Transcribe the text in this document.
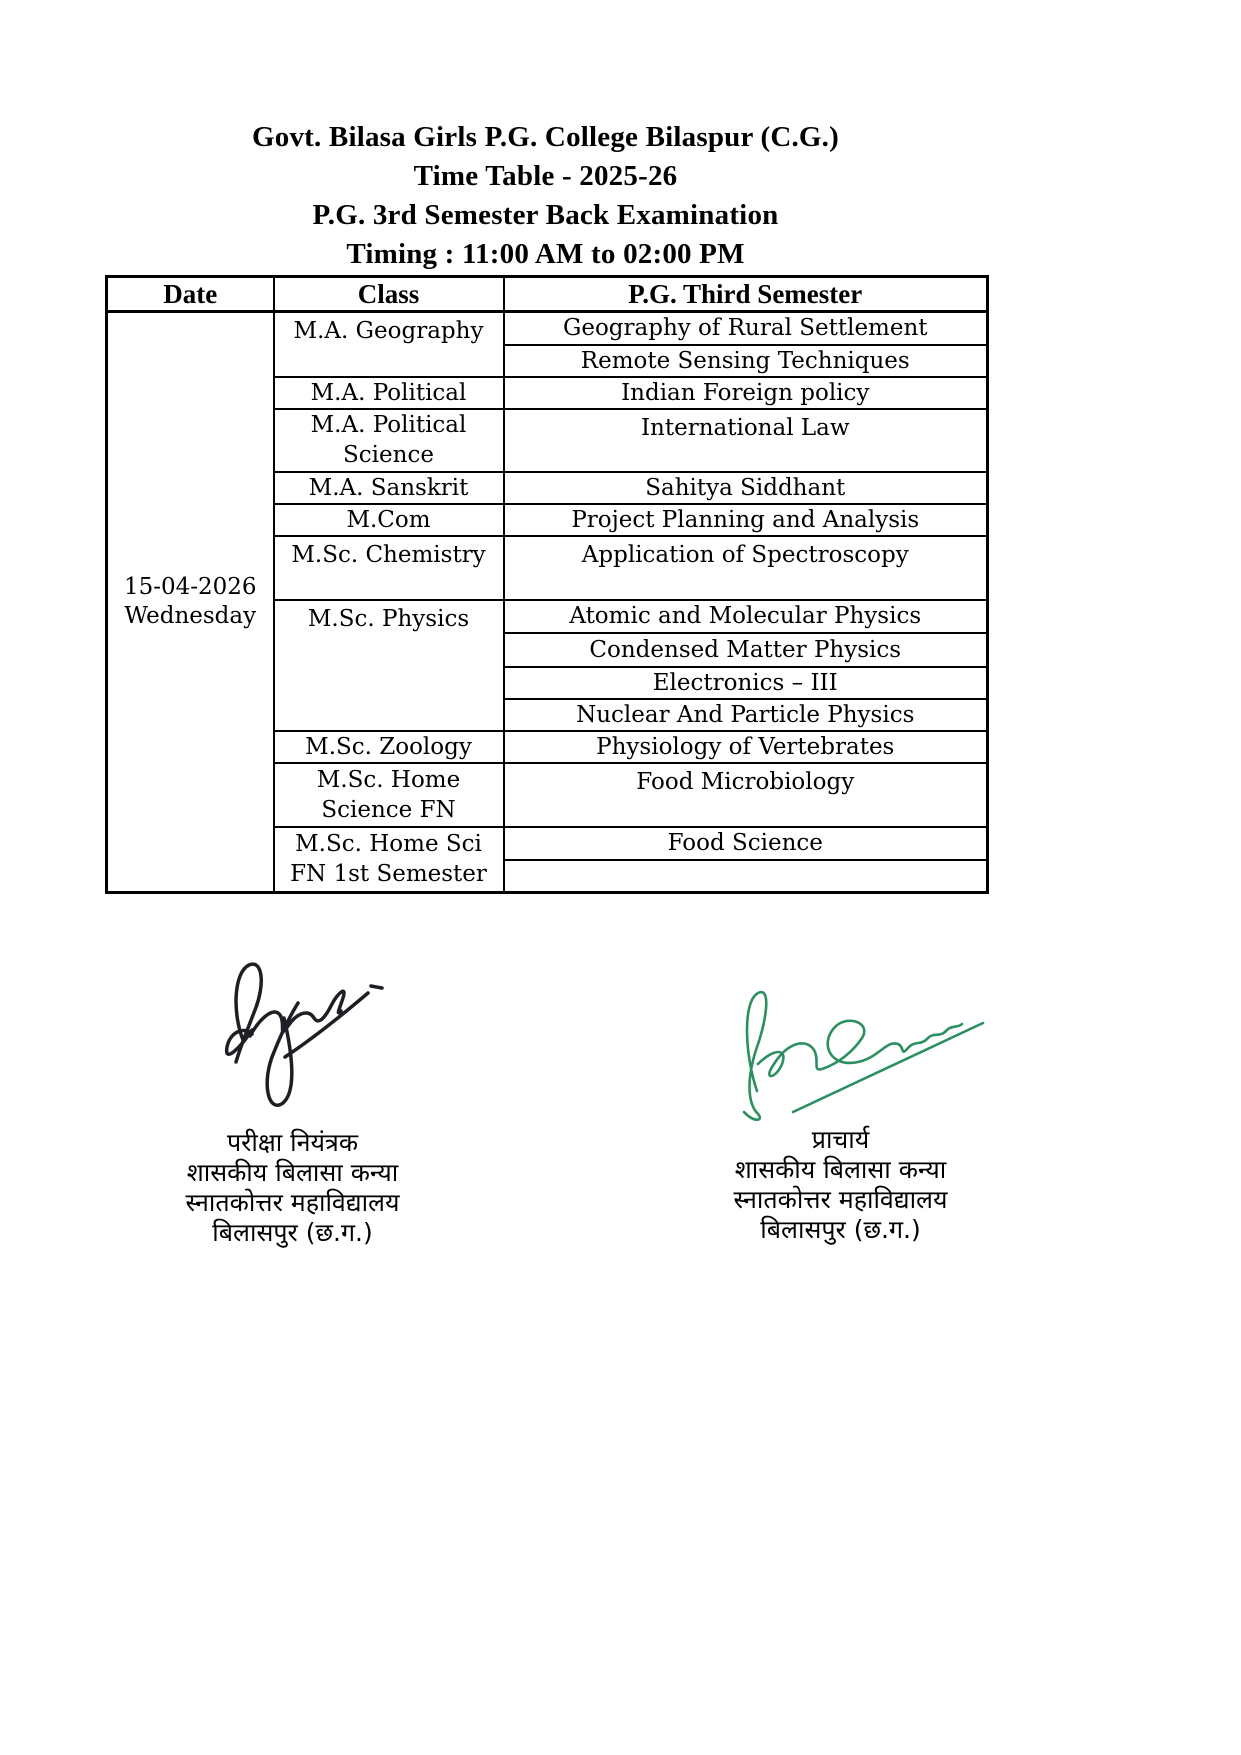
Govt. Bilasa Girls P.G. College Bilaspur (C.G.)
Time Table - 2025-26
P.G. 3rd Semester Back Examination
Timing : 11:00 AM to 02:00 PM
Date	Class	P.G. Third Semester

15-04-2026
Wednesday	M.A. Geography	Geography of Rural Settlement
		Remote Sensing Techniques
	M.A. Political	Indian Foreign policy
	M.A. Political Science	International Law
	M.A. Sanskrit	Sahitya Siddhant
	M.Com	Project Planning and Analysis
	M.Sc. Chemistry	Application of Spectroscopy
	M.Sc. Physics	Atomic and Molecular Physics
		Condensed Matter Physics
		Electronics – III
		Nuclear And Particle Physics
	M.Sc. Zoology	Physiology of Vertebrates
	M.Sc. Home Science FN	Food Microbiology
	M.Sc. Home Sci FN 1st Semester	Food Science

परीक्षा नियंत्रक
शासकीय बिलासा कन्या
स्नातकोत्तर महाविद्यालय
बिलासपुर (छ.ग.)
प्राचार्य
शासकीय बिलासा कन्या
स्नातकोत्तर महाविद्यालय
बिलासपुर (छ.ग.)
